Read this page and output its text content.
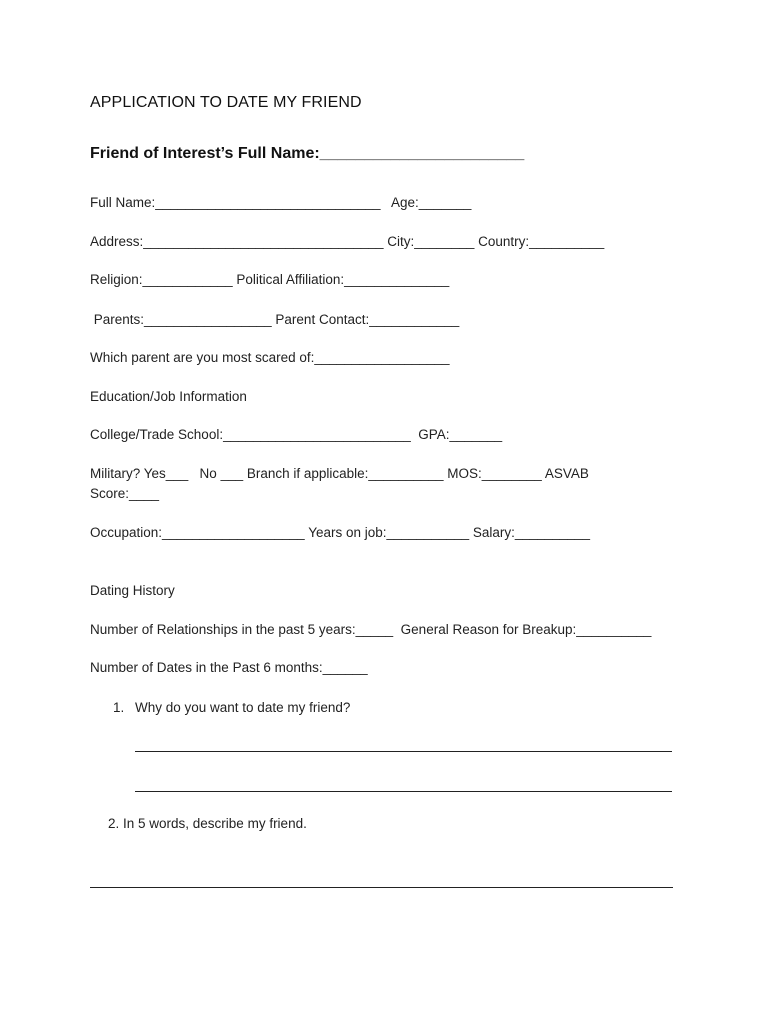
APPLICATION TO DATE MY FRIEND
Friend of Interest’s Full Name:_______________________
Full Name:______________________________   Age:_______
Address:________________________________ City:________ Country:__________
Religion:____________ Political Affiliation:______________
Parents:_________________ Parent Contact:____________
Which parent are you most scared of:__________________
Education/Job Information
College/Trade School:_________________________  GPA:_______
Military? Yes___   No ___ Branch if applicable:__________ MOS:________ ASVAB
Score:____
Occupation:___________________ Years on job:___________ Salary:__________
Dating History
Number of Relationships in the past 5 years:_____  General Reason for Breakup:__________
Number of Dates in the Past 6 months:______
1. Why do you want to date my friend?
2. In 5 words, describe my friend.
